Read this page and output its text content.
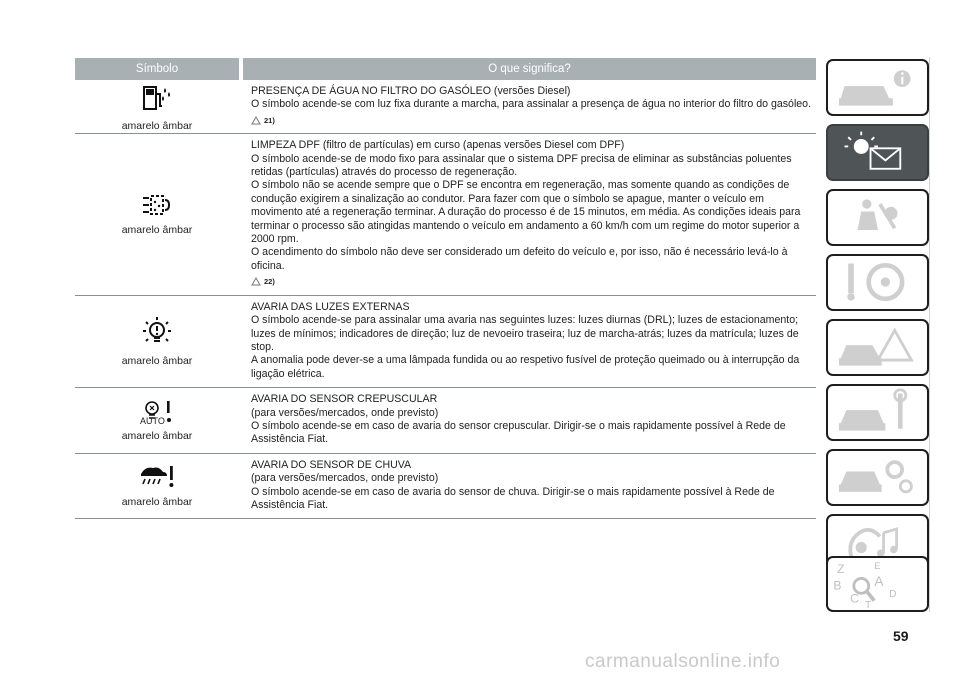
Símbolo	O que significa?
amarelo âmbar

PRESENÇA DE ÁGUA NO FILTRO DO GASÓLEO (versões Diesel)

O símbolo acende-se com luz fixa durante a marcha, para assinalar a presença de água no interior do filtro do gasóleo.

21)
amarelo âmbar

LIMPEZA DPF (filtro de partículas) em curso (apenas versões Diesel com DPF)

O símbolo acende-se de modo fixo para assinalar que o sistema DPF precisa de eliminar as substâncias poluentes retidas (partículas) através do processo de regeneração.

O símbolo não se acende sempre que o DPF se encontra em regeneração, mas somente quando as condições de condução exigirem a sinalização ao condutor. Para fazer com que o símbolo se apague, manter o veículo em movimento até a regeneração terminar. A duração do processo é de 15 minutos, em média. As condições ideais para terminar o processo são atingidas mantendo o veículo em andamento a 60 km/h com um regime do motor superior a 2000 rpm.

O acendimento do símbolo não deve ser considerado um defeito do veículo e, por isso, não é necessário levá-lo à oficina.

22)
amarelo âmbar

AVARIA DAS LUZES EXTERNAS

O símbolo acende-se para assinalar uma avaria nas seguintes luzes: luzes diurnas (DRL); luzes de estacionamento; luzes de mínimos; indicadores de direção; luz de nevoeiro traseira; luz de marcha-atrás; luzes da matrícula; luzes de stop.

A anomalia pode dever-se a uma lâmpada fundida ou ao respetivo fusível de proteção queimado ou à interrupção da ligação elétrica.

AUTO
amarelo âmbar

AVARIA DO SENSOR CREPUSCULAR

(para versões/mercados, onde previsto)

O símbolo acende-se em caso de avaria do sensor crepuscular. Dirigir-se o mais rapidamente possível à Rede de Assistência Fiat.

amarelo âmbar

AVARIA DO SENSOR DE CHUVA

(para versões/mercados, onde previsto)

O símbolo acende-se em caso de avaria do sensor de chuva. Dirigir-se o mais rapidamente possível à Rede de Assistência Fiat.

Z	E
B A
C
T
D
59
carmanualsonline.info
